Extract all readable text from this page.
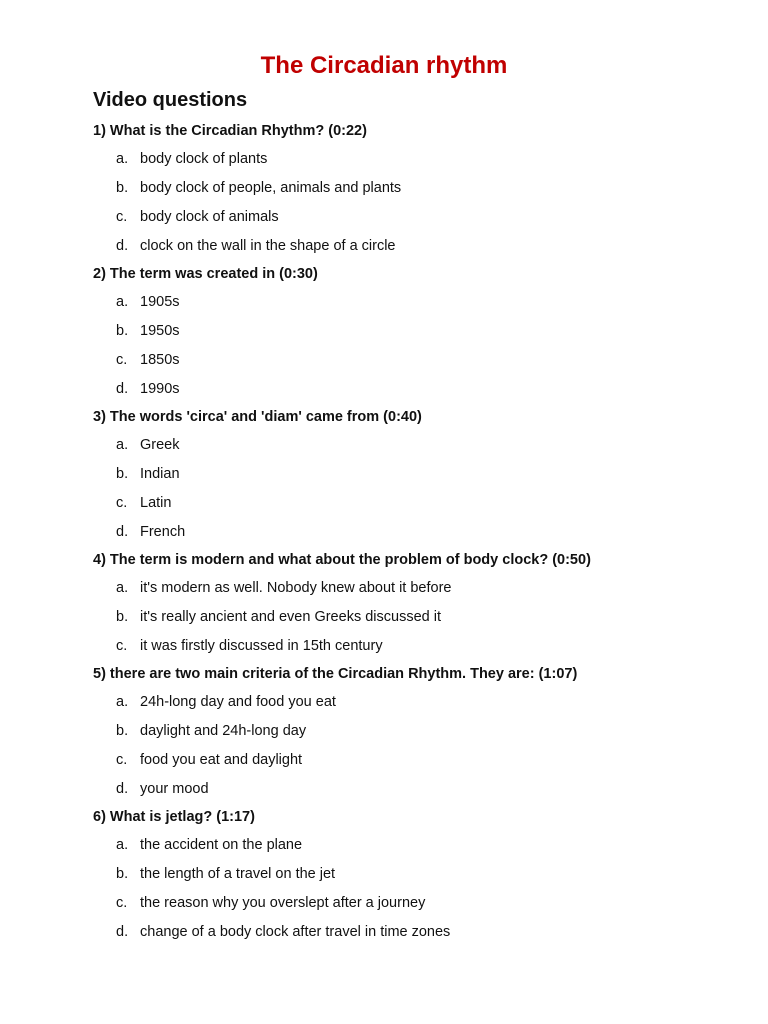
The Circadian rhythm
Video questions
1) What is the Circadian Rhythm? (0:22)
a. body clock of plants
b. body clock of people, animals and plants
c. body clock of animals
d. clock on the wall in the shape of a circle
2) The term was created in (0:30)
a. 1905s
b. 1950s
c. 1850s
d. 1990s
3) The words 'circa' and 'diam' came from (0:40)
a. Greek
b. Indian
c. Latin
d. French
4) The term is modern and what about the problem of body clock? (0:50)
a. it's modern as well. Nobody knew about it before
b. it's really ancient and even Greeks discussed it
c. it was firstly discussed in 15th century
5) there are two main criteria of the Circadian Rhythm. They are: (1:07)
a. 24h-long day and food you eat
b. daylight and 24h-long day
c. food you eat and daylight
d. your mood
6) What is jetlag? (1:17)
a. the accident on the plane
b. the length of a travel on the jet
c. the reason why you overslept after a journey
d. change of a body clock after travel in time zones
